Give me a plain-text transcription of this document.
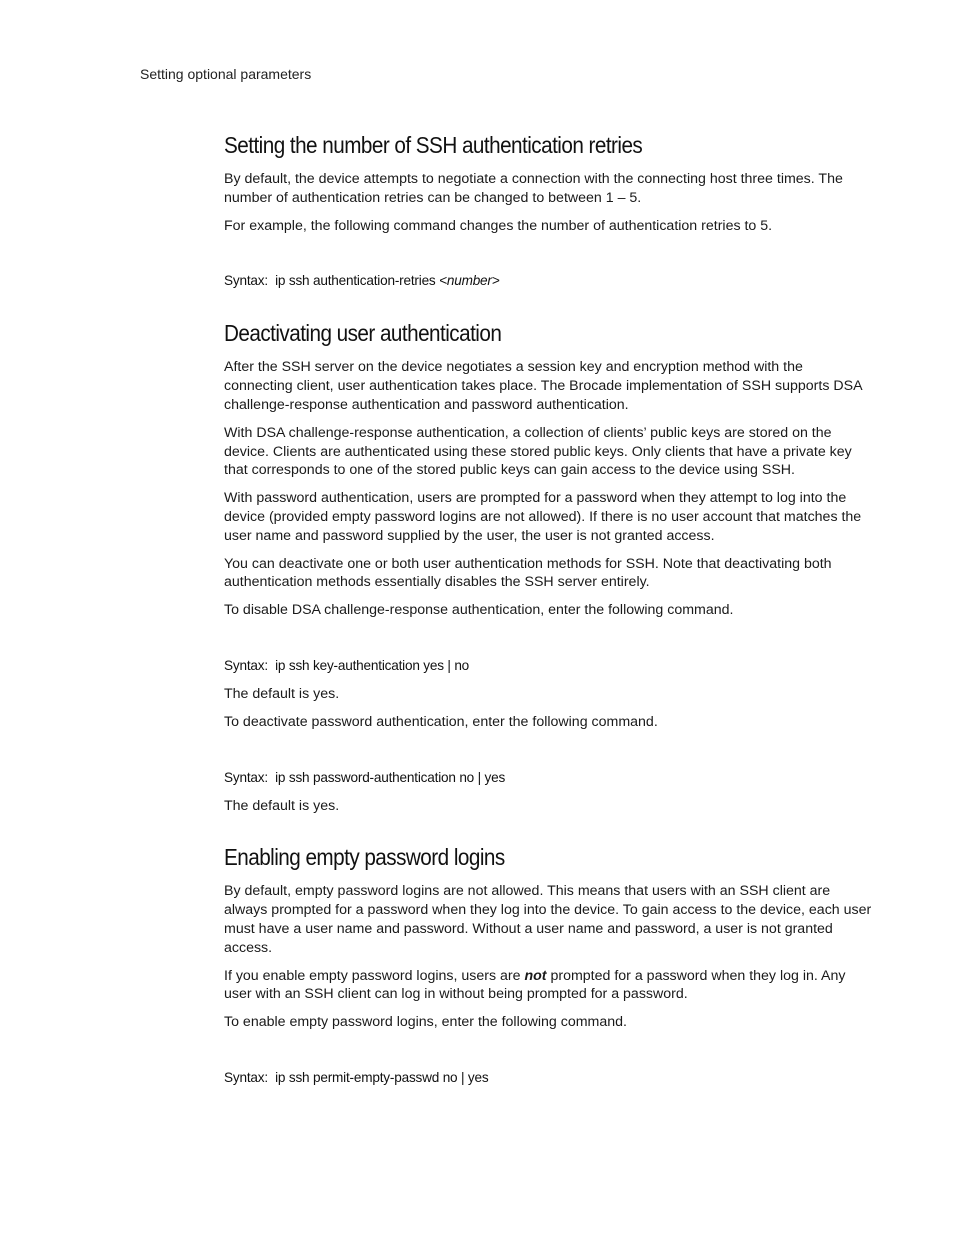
Setting optional parameters
Setting the number of SSH authentication retries

By default, the device attempts to negotiate a connection with the connecting host three times. The number of authentication retries can be changed to between 1 – 5.

For example, the following command changes the number of authentication retries to 5.

Syntax: ip ssh authentication-retries <number>
Deactivating user authentication

After the SSH server on the device negotiates a session key and encryption method with the connecting client, user authentication takes place. The Brocade implementation of SSH supports DSA challenge-response authentication and password authentication.

With DSA challenge-response authentication, a collection of clients’ public keys are stored on the device. Clients are authenticated using these stored public keys. Only clients that have a private key that corresponds to one of the stored public keys can gain access to the device using SSH.

With password authentication, users are prompted for a password when they attempt to log into the device (provided empty password logins are not allowed). If there is no user account that matches the user name and password supplied by the user, the user is not granted access.

You can deactivate one or both user authentication methods for SSH. Note that deactivating both authentication methods essentially disables the SSH server entirely.

To disable DSA challenge-response authentication, enter the following command.

Syntax: ip ssh key-authentication yes | no

The default is yes.

To deactivate password authentication, enter the following command.

Syntax: ip ssh password-authentication no | yes

The default is yes.

Enabling empty password logins

By default, empty password logins are not allowed. This means that users with an SSH client are always prompted for a password when they log into the device. To gain access to the device, each user must have a user name and password. Without a user name and password, a user is not granted access.

If you enable empty password logins, users are not prompted for a password when they log in. Any user with an SSH client can log in without being prompted for a password.

To enable empty password logins, enter the following command.

Syntax: ip ssh permit-empty-passwd no | yes
